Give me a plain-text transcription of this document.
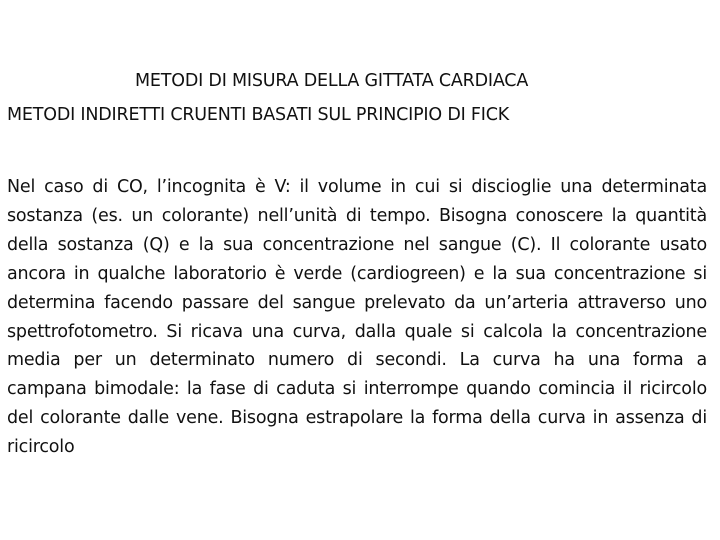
METODI DI MISURA DELLA GITTATA CARDIACA
METODI INDIRETTI CRUENTI BASATI SUL PRINCIPIO DI FICK
Nel caso di CO, l’incognita è V: il volume in cui si discioglie una determinata sostanza (es. un colorante) nell’unità di tempo. Bisogna conoscere la quantità della sostanza (Q) e la sua concentrazione nel sangue (C). Il colorante usato ancora in qualche laboratorio è verde (cardiogreen) e la sua concentrazione si determina facendo passare del sangue prelevato da un’arteria attraverso uno spettrofotometro. Si ricava una curva, dalla quale si calcola la concentrazione media per un determinato numero di secondi. La curva ha una forma a campana bimodale: la fase di caduta si interrompe quando comincia il ricircolo del colorante dalle vene. Bisogna estrapolare la forma della curva in assenza di ricircolo
